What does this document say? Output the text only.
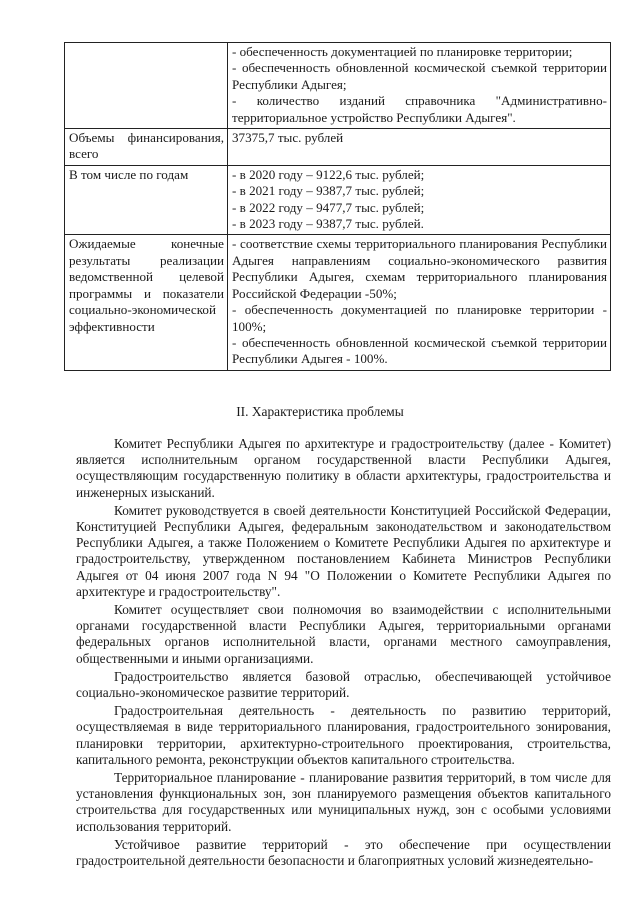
	- обеспеченность документацией по планировке территории;
- обеспеченность обновленной космической съемкой территории Республики Адыгея;
- количество изданий справочника "Административно-территориальное устройство Республики Адыгея".

Объемы финансирования, всего	37375,7 тыс. рублей

В том числе по годам	- в 2020 году – 9122,6 тыс. рублей;
- в 2021 году – 9387,7 тыс. рублей;
- в 2022 году – 9477,7 тыс. рублей;
- в 2023 году – 9387,7 тыс. рублей.

Ожидаемые конечные результаты реализации ведомственной целевой программы и показатели социально-экономической эффективности	- соответствие схемы территориального планирования Республики Адыгея направлениям социально-экономического развития Республики Адыгея, схемам территориального планирования Российской Федерации -50%;
- обеспеченность документацией по планировке территории - 100%;
- обеспеченность обновленной космической съемкой территории Республики Адыгея - 100%.
II. Характеристика проблемы

Комитет Республики Адыгея по архитектуре и градостроительству (далее - Комитет) является исполнительным органом государственной власти Республики Адыгея, осуществляющим государственную политику в области архитектуры, градостроительства и инженерных изысканий.

Комитет руководствуется в своей деятельности Конституцией Российской Федерации, Конституцией Республики Адыгея, федеральным законодательством и законодательством Республики Адыгея, а также Положением о Комитете Республики Адыгея по архитектуре и градостроительству, утвержденном постановлением Кабинета Министров Республики Адыгея от 04 июня 2007 года N 94 "О Положении о Комитете Республики Адыгея по архитектуре и градостроительству".

Комитет осуществляет свои полномочия во взаимодействии с исполнительными органами государственной власти Республики Адыгея, территориальными органами федеральных органов исполнительной власти, органами местного самоуправления, общественными и иными организациями.

Градостроительство является базовой отраслью, обеспечивающей устойчивое социально-экономическое развитие территорий.

Градостроительная деятельность - деятельность по развитию территорий, осуществляемая в виде территориального планирования, градостроительного зонирования, планировки территории, архитектурно-строительного проектирования, строительства, капитального ремонта, реконструкции объектов капитального строительства.

Территориальное планирование - планирование развития территорий, в том числе для установления функциональных зон, зон планируемого размещения объектов капитального строительства для государственных или муниципальных нужд, зон с особыми условиями использования территорий.

Устойчивое развитие территорий - это обеспечение при осуществлении градостроительной деятельности безопасности и благоприятных условий жизнедеятельно-
